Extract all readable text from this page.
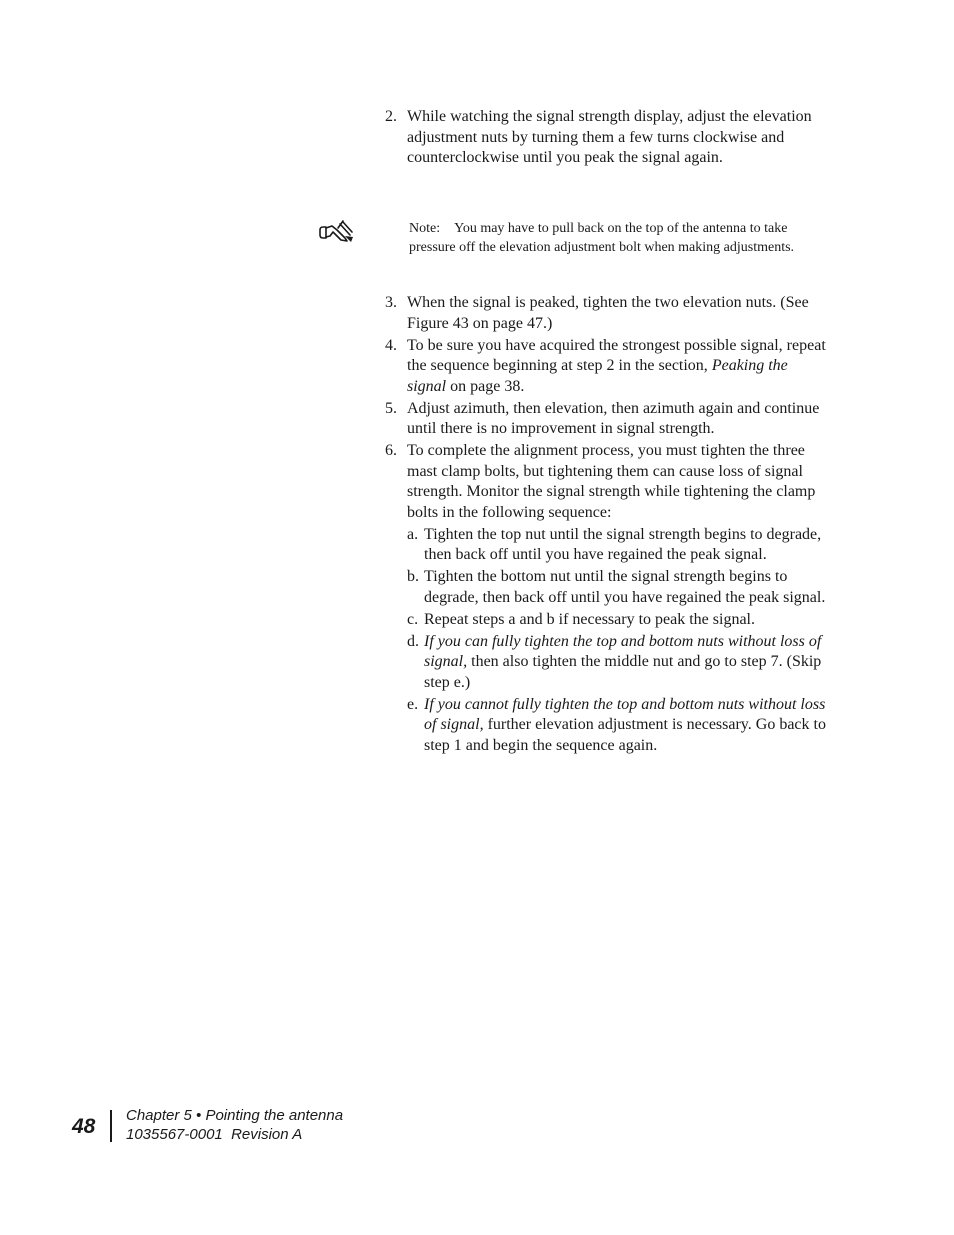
2. While watching the signal strength display, adjust the elevation adjustment nuts by turning them a few turns clockwise and counterclockwise until you peak the signal again.
Note: You may have to pull back on the top of the antenna to take pressure off the elevation adjustment bolt when making adjustments.
3. When the signal is peaked, tighten the two elevation nuts. (See Figure 43 on page 47.)
4. To be sure you have acquired the strongest possible signal, repeat the sequence beginning at step 2 in the section, Peaking the signal on page 38.
5. Adjust azimuth, then elevation, then azimuth again and continue until there is no improvement in signal strength.
6. To complete the alignment process, you must tighten the three mast clamp bolts, but tightening them can cause loss of signal strength. Monitor the signal strength while tightening the clamp bolts in the following sequence:
a. Tighten the top nut until the signal strength begins to degrade, then back off until you have regained the peak signal.
b. Tighten the bottom nut until the signal strength begins to degrade, then back off until you have regained the peak signal.
c. Repeat steps a and b if necessary to peak the signal.
d. If you can fully tighten the top and bottom nuts without loss of signal, then also tighten the middle nut and go to step 7. (Skip step e.)
e. If you cannot fully tighten the top and bottom nuts without loss of signal, further elevation adjustment is necessary. Go back to step 1 and begin the sequence again.
48 Chapter 5 • Pointing the antenna
1035567-0001  Revision A
